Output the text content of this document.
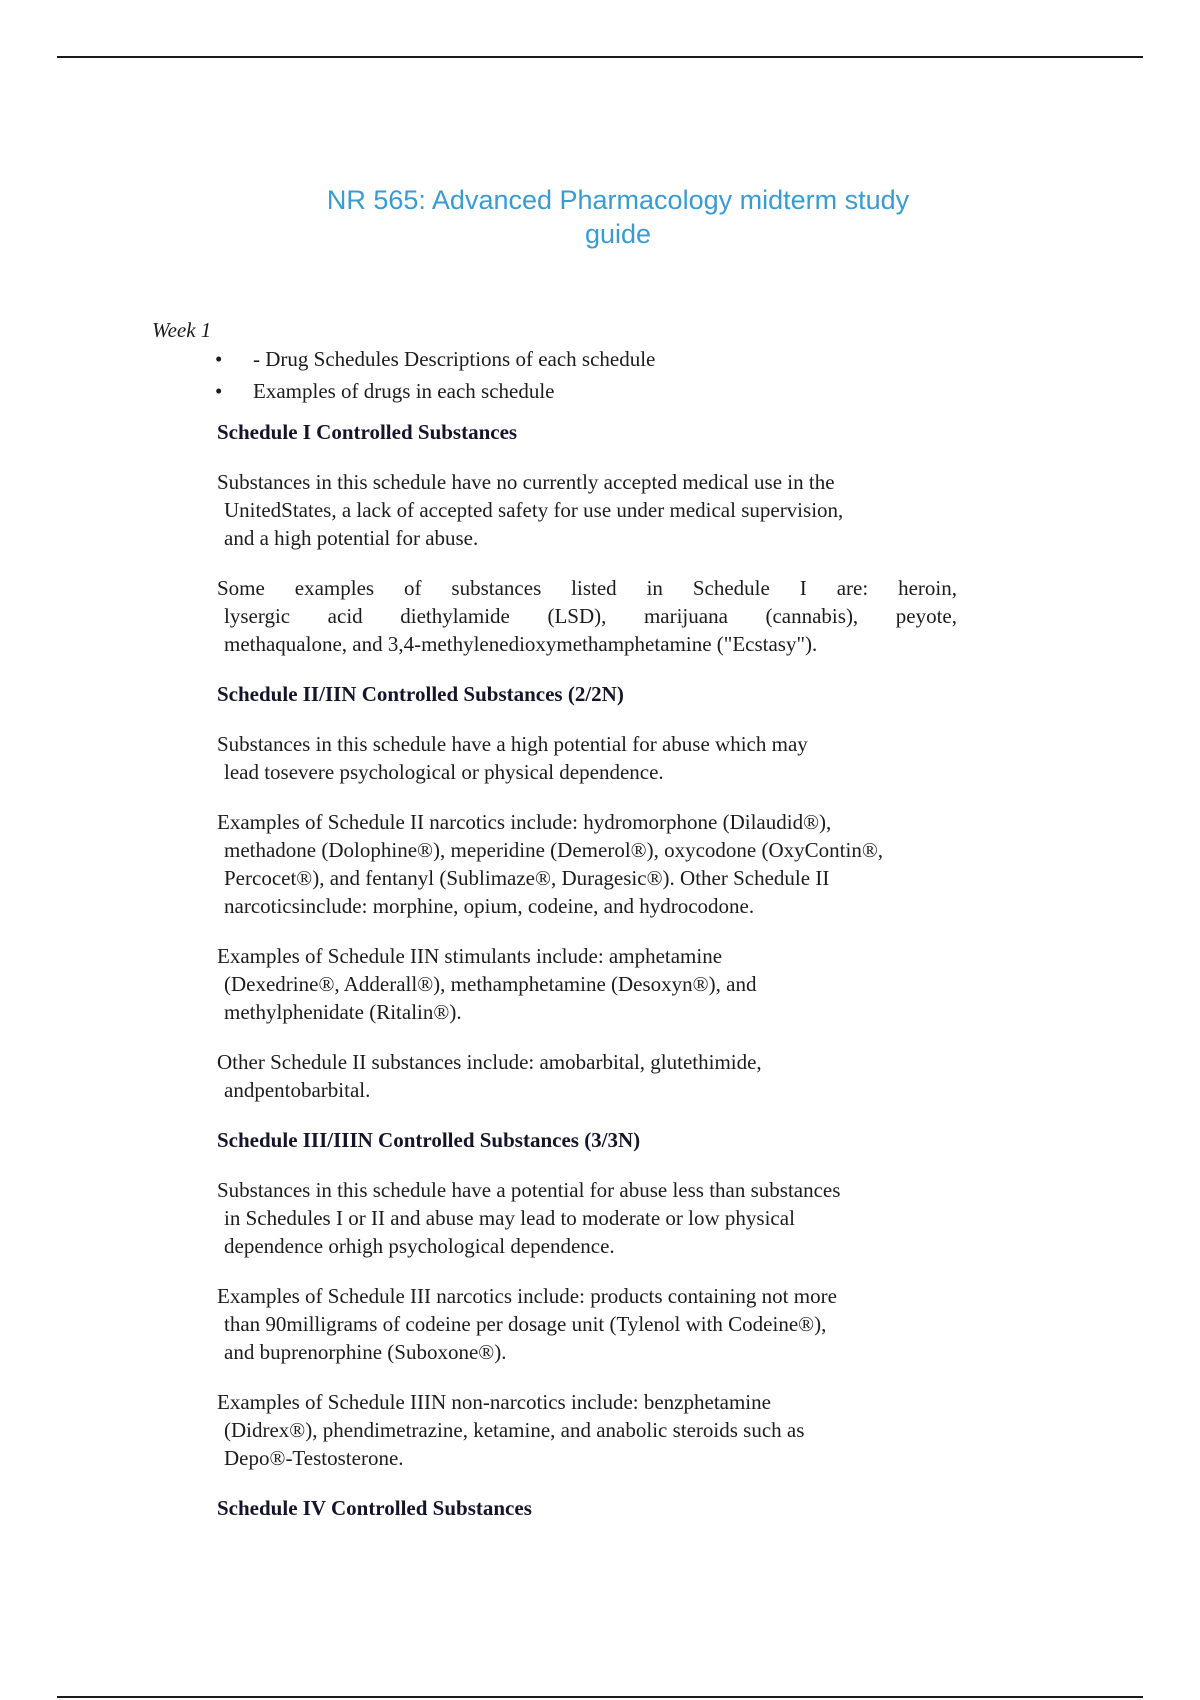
NR 565: Advanced Pharmacology midterm study
guide
Week 1
• - Drug Schedules Descriptions of each schedule
• Examples of drugs in each schedule
Schedule I Controlled Substances
Substances in this schedule have no currently accepted medical use in the
UnitedStates, a lack of accepted safety for use under medical supervision,
and a high potential for abuse.
Some examples of substances listed in Schedule I are: heroin,
lysergic acid diethylamide (LSD), marijuana (cannabis), peyote,
methaqualone, and 3,4-methylenedioxymethamphetamine ("Ecstasy").
Schedule II/IIN Controlled Substances (2/2N)
Substances in this schedule have a high potential for abuse which may
lead tosevere psychological or physical dependence.
Examples of Schedule II narcotics include: hydromorphone (Dilaudid®),
methadone (Dolophine®), meperidine (Demerol®), oxycodone (OxyContin®,
Percocet®), and fentanyl (Sublimaze®, Duragesic®). Other Schedule II
narcoticsinclude: morphine, opium, codeine, and hydrocodone.
Examples of Schedule IIN stimulants include: amphetamine
(Dexedrine®, Adderall®), methamphetamine (Desoxyn®), and
methylphenidate (Ritalin®).
Other Schedule II substances include: amobarbital, glutethimide,
andpentobarbital.
Schedule III/IIIN Controlled Substances (3/3N)
Substances in this schedule have a potential for abuse less than substances
in Schedules I or II and abuse may lead to moderate or low physical
dependence orhigh psychological dependence.
Examples of Schedule III narcotics include: products containing not more
than 90milligrams of codeine per dosage unit (Tylenol with Codeine®),
and buprenorphine (Suboxone®).
Examples of Schedule IIIN non-narcotics include: benzphetamine
(Didrex®), phendimetrazine, ketamine, and anabolic steroids such as
Depo®-Testosterone.
Schedule IV Controlled Substances
